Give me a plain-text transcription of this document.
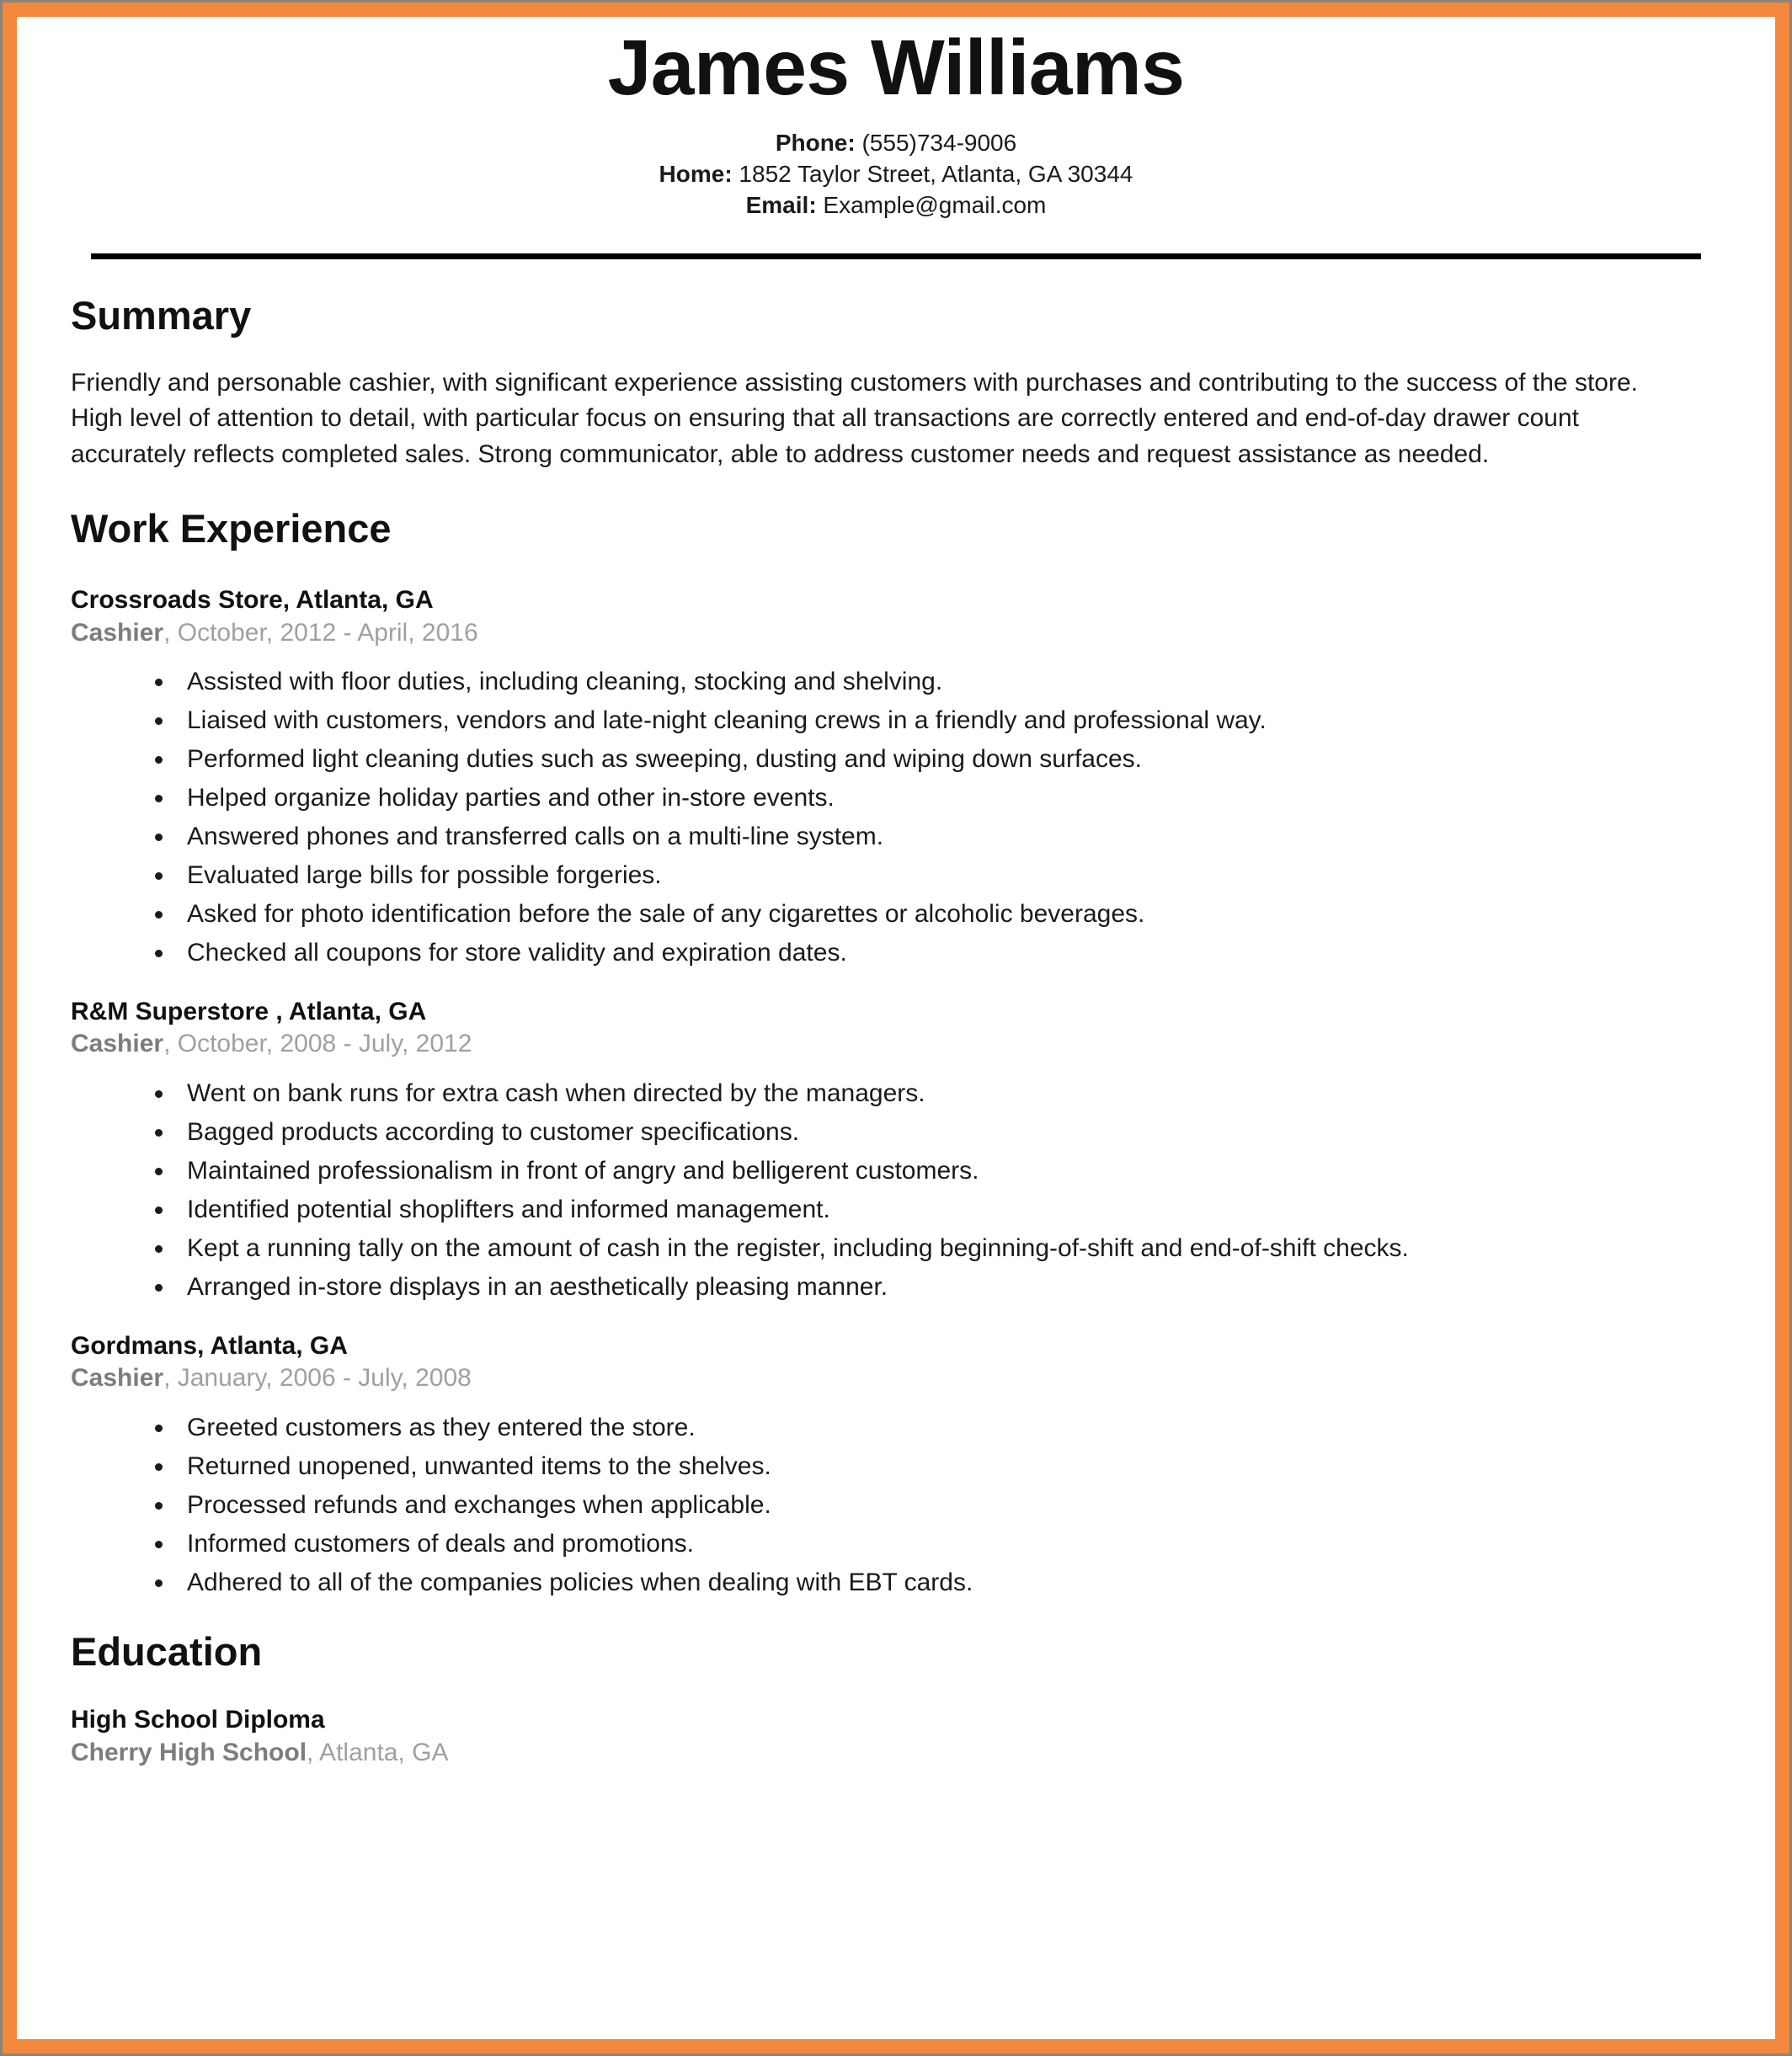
James Williams
Phone: (555)734-9006
Home: 1852 Taylor Street, Atlanta, GA 30344
Email: Example@gmail.com
Summary

Friendly and personable cashier, with significant experience assisting customers with purchases and contributing to the success of the store. High level of attention to detail, with particular focus on ensuring that all transactions are correctly entered and end-of-day drawer count accurately reflects completed sales. Strong communicator, able to address customer needs and request assistance as needed.

Work Experience
Crossroads Store, Atlanta, GA
Cashier, October, 2012 - April, 2016
• Assisted with floor duties, including cleaning, stocking and shelving.
• Liaised with customers, vendors and late-night cleaning crews in a friendly and professional way.
• Performed light cleaning duties such as sweeping, dusting and wiping down surfaces.
• Helped organize holiday parties and other in-store events.
• Answered phones and transferred calls on a multi-line system.
• Evaluated large bills for possible forgeries.
• Asked for photo identification before the sale of any cigarettes or alcoholic beverages.
• Checked all coupons for store validity and expiration dates.
R&M Superstore , Atlanta, GA
Cashier, October, 2008 - July, 2012
• Went on bank runs for extra cash when directed by the managers.
• Bagged products according to customer specifications.
• Maintained professionalism in front of angry and belligerent customers.
• Identified potential shoplifters and informed management.
• Kept a running tally on the amount of cash in the register, including beginning-of-shift and end-of-shift checks.
• Arranged in-store displays in an aesthetically pleasing manner.
Gordmans, Atlanta, GA
Cashier, January, 2006 - July, 2008
• Greeted customers as they entered the store.
• Returned unopened, unwanted items to the shelves.
• Processed refunds and exchanges when applicable.
• Informed customers of deals and promotions.
• Adhered to all of the companies policies when dealing with EBT cards.
Education
High School Diploma
Cherry High School, Atlanta, GA
